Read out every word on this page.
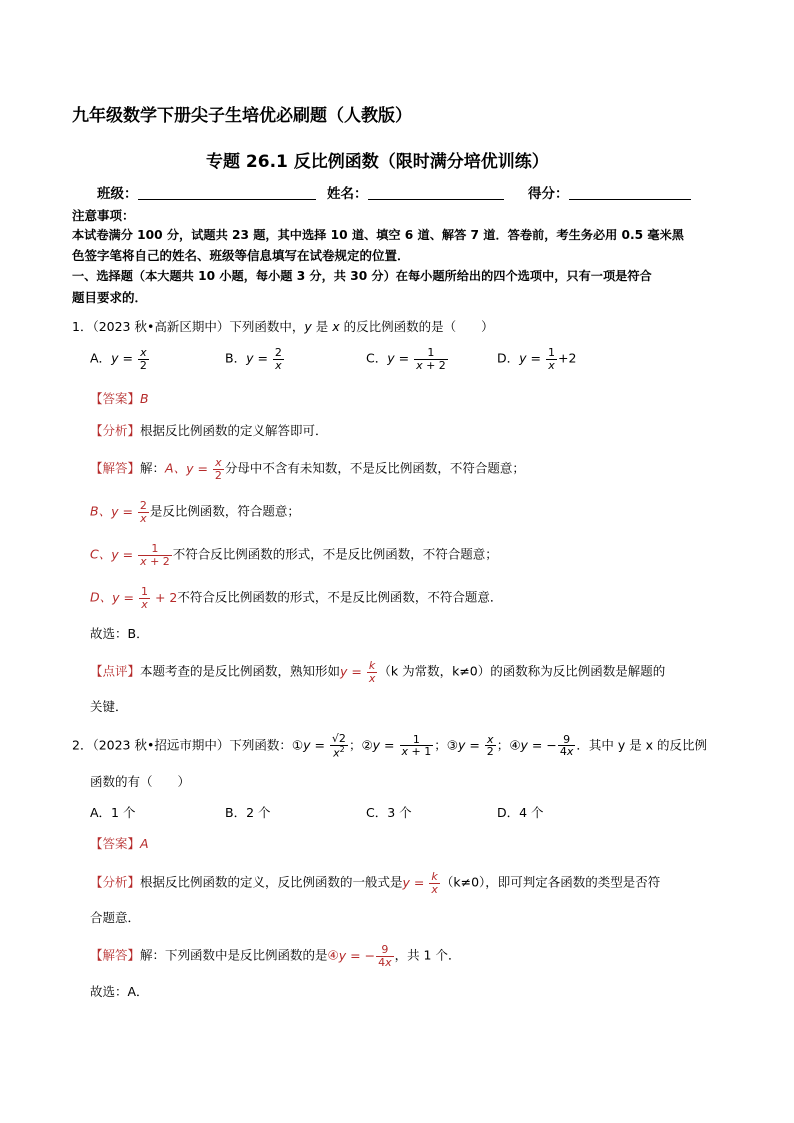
九年级数学下册尖子生培优必刷题（人教版）
专题 26.1 反比例函数（限时满分培优训练）
班级：	姓名：	得分：
注意事项：
本试卷满分 100 分，试题共 23 题，其中选择 10 道、填空 6 道、解答 7 道．答卷前，考生务必用 0.5 毫米黑
色签字笔将自己的姓名、班级等信息填写在试卷规定的位置．
一、选择题（本大题共 10 小题，每小题 3 分，共 30 分）在每小题所给出的四个选项中，只有一项是符合
题目要求的．
1．（2023 秋•高新区期中）下列函数中，y 是 x 的反比例函数的是（　　）
A．$y = \frac{x}{2}$	B．$y = \frac{2}{x}$	C．$y = \frac{1}{x + 2}$	D．$y = \frac{1}{x} +2$
【答案】B
【分析】根据反比例函数的定义解答即可．
【解答】解：A、$y = \frac{x}{2}$ 分母中不含有未知数，不是反比例函数，不符合题意；
B、$y = \frac{2}{x}$ 是反比例函数，符合题意；
C、$y = \frac{1}{x + 2}$ 不符合反比例函数的形式，不是反比例函数，不符合题意；
D、$y = \frac{1}{x} + 2$不符合反比例函数的形式，不是反比例函数，不符合题意．
故选：B．
【点评】本题考查的是反比例函数，熟知形如$y = \frac{k}{x} (k$ 为常数，k≠0）的函数称为反比例函数是解题的
关键．
2．（2023 秋•招远市期中）下列函数：①y = $\frac{√2}{x^2}$ ；②y = $\frac{1}{x + 1}$ ；③y = $\frac{x}{2}$ ；④y = − $\frac{9}{4x}$ ．其中 y 是 x 的反比例
函数的有（　　）
A．1 个	B．2 个	C．3 个	D．4 个
【答案】A
【分析】根据反比例函数的定义，反比例函数的一般式是$y = \frac{k}{x} (k\ne 0)$，即可判定各函数的类型是否符
合题意．
【解答】解：下列函数中是反比例函数的是④y = − $\frac{9}{4x}$ ，共 1 个．
故选：A．
